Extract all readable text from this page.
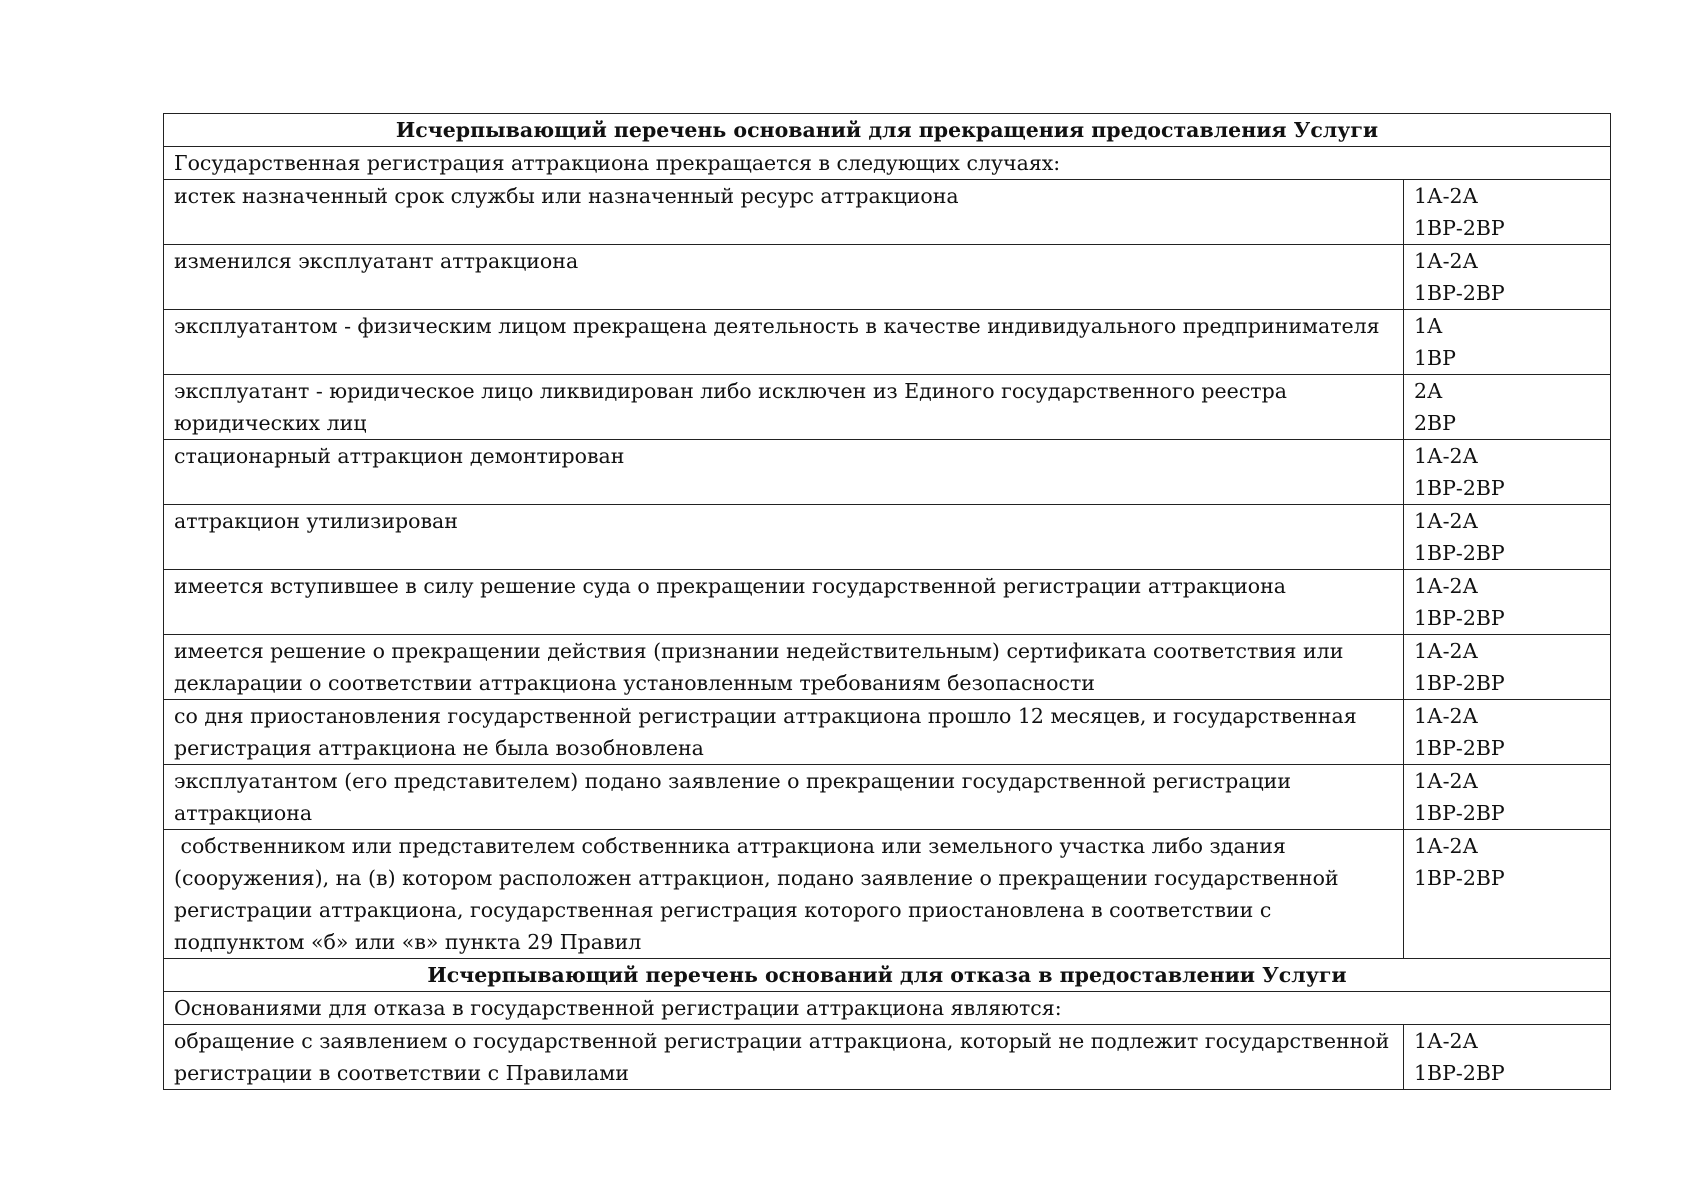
Исчерпывающий перечень оснований для прекращения предоставления Услуги	
Государственная регистрация аттракциона прекращается в следующих случаях:	
истек назначенный срок службы или назначенный ресурс аттракциона	1А-2А
1ВР-2ВР

изменился эксплуатант аттракциона	1А-2А
1ВР-2ВР

эксплуатантом - физическим лицом прекращена деятельность в качестве индивидуального предпринимателя	1А
1ВР

эксплуатант - юридическое лицо ликвидирован либо исключен из Единого государственного реестра юридических лиц	2А
2ВР

стационарный аттракцион демонтирован	1А-2А
1ВР-2ВР

аттракцион утилизирован	1А-2А
1ВР-2ВР

имеется вступившее в силу решение суда о прекращении государственной регистрации аттракциона	1А-2А
1ВР-2ВР

имеется решение о прекращении действия (признании недействительным) сертификата соответствия или декларации о соответствии аттракциона установленным требованиям безопасности	1А-2А
1ВР-2ВР

со дня приостановления государственной регистрации аттракциона прошло 12 месяцев, и государственная регистрация аттракциона не была возобновлена	1А-2А
1ВР-2ВР

эксплуатантом (его представителем) подано заявление о прекращении государственной регистрации аттракциона	1А-2А
1ВР-2ВР

собственником или представителем собственника аттракциона или земельного участка либо здания (сооружения), на (в) котором расположен аттракцион, подано заявление о прекращении государственной регистрации аттракциона, государственная регистрация которого приостановлена в соответствии с подпунктом «б» или «в» пункта 29 Правил	1А-2А
1ВР-2ВР

Исчерпывающий перечень оснований для отказа в предоставлении Услуги	
Основаниями для отказа в государственной регистрации аттракциона являются:	
обращение с заявлением о государственной регистрации аттракциона, который не подлежит государственной регистрации в соответствии с Правилами	1А-2А
1ВР-2ВР
